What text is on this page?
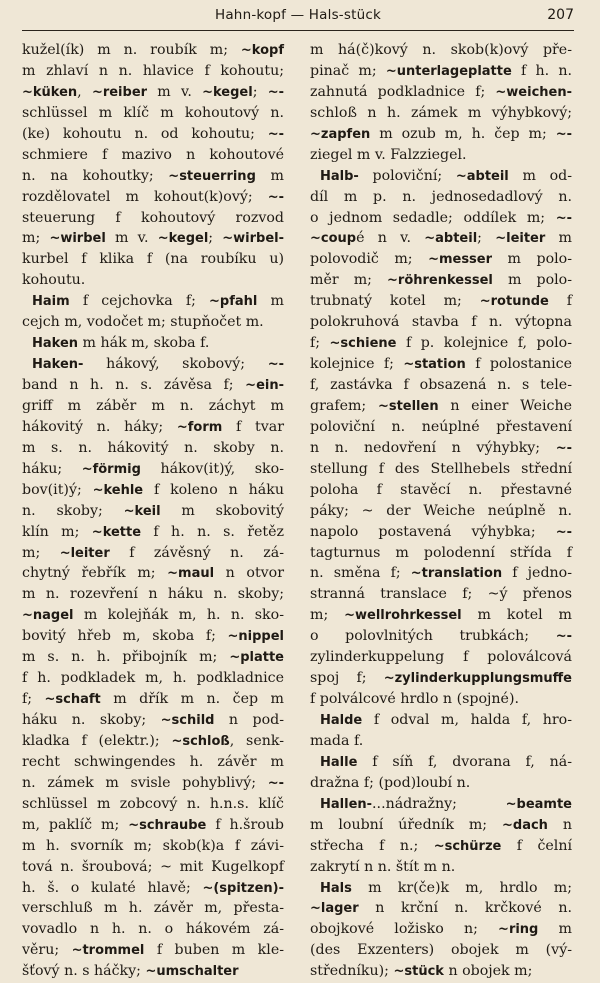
Hahn-kopf — Hals-stück	207
kužel(ík) m n. roubík m; ~kopf
m zhlaví n n. hlavice f kohoutu;
~küken, ~reiber m v. ~kegel; ~-
schlüssel m klíč m kohoutový n.
(ke) kohoutu n. od kohoutu; ~-
schmiere f mazivo n kohoutové
n. na kohoutky; ~steuerring m
rozdělovatel m kohout(k)ový; ~-
steuerung f kohoutový rozvod
m; ~wirbel m v. ~kegel; ~wirbel-
kurbel f klika f (na roubíku u)
kohoutu.
Haim f cejchovka f; ~pfahl m
cejch m, vodočet m; stupňočet m.
Haken m hák m, skoba f.
Haken- hákový, skobový; ~-
band n h. n. s. závěsa f; ~ein-
griff m záběr m n. záchyt m
hákovitý n. háky; ~form f tvar
m s. n. hákovitý n. skoby n.
háku; ~förmig hákov(it)ý, sko-
bov(it)ý; ~kehle f koleno n háku
n. skoby; ~keil m skobovitý
klín m; ~kette f h. n. s. řetěz
m; ~leiter f závěsný n. zá-
chytný řebřík m; ~maul n otvor
m n. rozevření n háku n. skoby;
~nagel m kolejňák m, h. n. sko-
bovitý hřeb m, skoba f; ~nippel
m s. n. h. přibojník m; ~platte
f h. podkladek m, h. podkladnice
f; ~schaft m dřík m n. čep m
háku n. skoby; ~schild n pod-
kladka f (elektr.); ~schloß, senk-
recht schwingendes h. závěr m
n. zámek m svisle pohyblivý; ~-
schlüssel m zobcový n. h.n.s. klíč
m, paklíč m; ~schraube f h.šroub
m h. svorník m; skob(k)a f závi-
tová n. šroubová; ~ mit Kugelkopf
h. š. o kulaté hlavě; ~(spitzen)-
verschluß m h. závěr m, přesta-
vovadlo n h. n. o hákovém zá-
věru; ~trommel f buben m kle-
šťový n. s háčky; ~umschalter
m há(č)kový n. skob(k)ový pře-
pinač m; ~unterlageplatte f h. n.
zahnutá podkladnice f; ~weichen-
schloß n h. zámek m výhybkový;
~zapfen m ozub m, h. čep m; ~-
ziegel m v. Falzziegel.
Halb- poloviční; ~abteil m od-
díl m p. n. jednosedadlový n.
o jednom sedadle; oddílek m; ~-
~coupé n v. ~abteil; ~leiter m
polovodič m; ~messer m polo-
měr m; ~röhrenkessel m polo-
trubnatý kotel m; ~rotunde f
polokruhová stavba f n. výtopna
f; ~schiene f p. kolejnice f, polo-
kolejnice f; ~station f polostanice
f, zastávka f obsazená n. s tele-
grafem; ~stellen n einer Weiche
poloviční n. neúplné přestavení
n n. nedovření n výhybky; ~-
stellung f des Stellhebels střední
poloha f stavěcí n. přestavné
páky; ~ der Weiche neúplně n.
napolo postavená výhybka; ~-
tagturnus m polodenní střída f
n. směna f; ~translation f jedno-
stranná translace f; ~ý přenos
m; ~wellrohrkessel m kotel m
o polovlnitých trubkách; ~-
zylinderkuppelung f poloválcová
spoj f; ~zylinderkupplungsmuffe
f polválcové hrdlo n (spojné).
Halde f odval m, halda f, hro-
mada f.
Halle f síň f, dvorana f, ná-
dražna f; (pod)loubí n.
Hallen-...nádražny; ~beamte
m loubní úředník m; ~dach n
střecha f n.; ~schürze f čelní
zakrytí n n. štít m n.
Hals m kr(če)k m, hrdlo m;
~lager n krční n. krčkové n.
obojkové ložisko n; ~ring m
(des Exzenters) obojek m (vý-
středníku); ~stück n obojek m;
